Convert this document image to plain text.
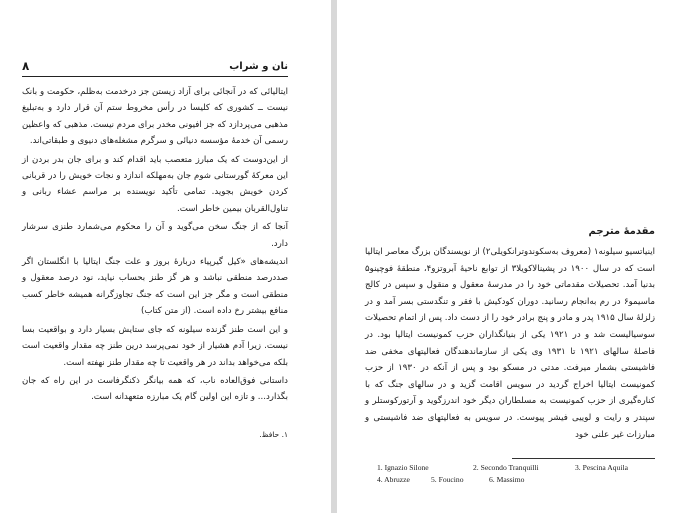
نان و شراب
۸

ایتالیائی که در آنجائی برای آزاد زیستن جز درخدمت به‌ظلم، حکومت و بانک نیست ــ کشوری که کلیسا در رأس مخروط ستم آن قرار دارد و به‌تبلیغ مذهبی می‌پردازد که جز افیونی مخدر برای مردم نیست. مذهبی که واعظین رسمی آن خدمهٔ مؤسسه دنیائی و سرگرم مشغله‌های دنیوی و طبقاتی‌اند.

از این‌دوست که یک مبارز متعصب باید اقدام کند و برای جان بدر بردن از این معرکهٔ گورستانی شوم جان به‌مهلکه اندازد و نجات خویش را در قربانی کردن خویش بجوید. تمامی تأکید نویسنده بر مراسم عشاء ربانی و تناول‌القربان بیمین خاطر است.

آنجا که از جنگ سخن می‌گوید و آن را محکوم می‌شمارد طنزی سرشار دارد.

اندیشه‌های «کیل گیرپیاء دربارهٔ بروز و علت جنگ ایتالیا با انگلستان اگر صددرصد منطقی نباشد و هر گز طنز بحساب نیاید، نود درصد معقول و منطقی است و مگر جز این است که جنگ تجاوزگرانه همیشه خاطر کسب منافع بیشتر رخ داده است. (از متن کتاب)

و این است طنز گزنده سیلونه که جای ستایش بسیار دارد و بواقعیت بسا نیست. زیرا آدم هشیار از خود نمی‌پرسد درین طنز چه مقدار واقعیت است بلکه می‌خواهد بداند در هر واقعیت تا چه مقدار طنز نهفته است.

داستانی فوق‌العاده ناب، که همه بیانگر ذکنگرفاست در این راه که جان بگذارد... و تازه این اولین گام یک مبارزه متعهدانه است.

۱. حافظ.
مقدمهٔ مترجم

اینیاتسیو سیلونه۱ (معروف به‌سکوندوترانکویلی۲) از نویسندگان بزرگ معاصر ایتالیا است که در سال ۱۹۰۰ در پشینالاکویلا۳ از توابع ناحیهٔ آبروتزو۴، منطقهٔ فوچینو۵ بدنیا آمد. تحصیلات مقدماتی خود را در مدرسهٔ معقول و منقول و سپس در کالج ماسیمو۶ در رم به‌انجام رسانید. دوران کودکیش با فقر و تنگدستی بسر آمد و در زلزلهٔ سال ۱۹۱۵ پدر و مادر و پنج برادر خود را از دست داد. پس از اتمام تحصیلات سوسیالیست شد و در ۱۹۲۱ یکی از بنیانگذاران حزب کمونیست ایتالیا بود. در فاصلهٔ سالهای ۱۹۲۱ تا ۱۹۳۱ وی یکی از سازماندهندگان فعالیتهای مخفی ضد فاشیستی بشمار میرفت. مدتی در مسکو بود و پس از آنکه در ۱۹۳۰ از حزب کمونیست ایتالیا اخراج گردید در سویس اقامت گزید و در سالهای جنگ که با کناره‌گیری از حزب کمونیست به مسلطاران دیگر خود اندرزگوید و آرتورکوستلر و سپندر و رایت و لوییی فیشر پیوست. در سویس به فعالیتهای ضد فاشیستی و مبارزات غیر علنی خود

1. Ignazio Silone	2. Secondo Tranquilli	3. Pescina Aquila
4. Abruzze	5. Foucino	6. Massimo
